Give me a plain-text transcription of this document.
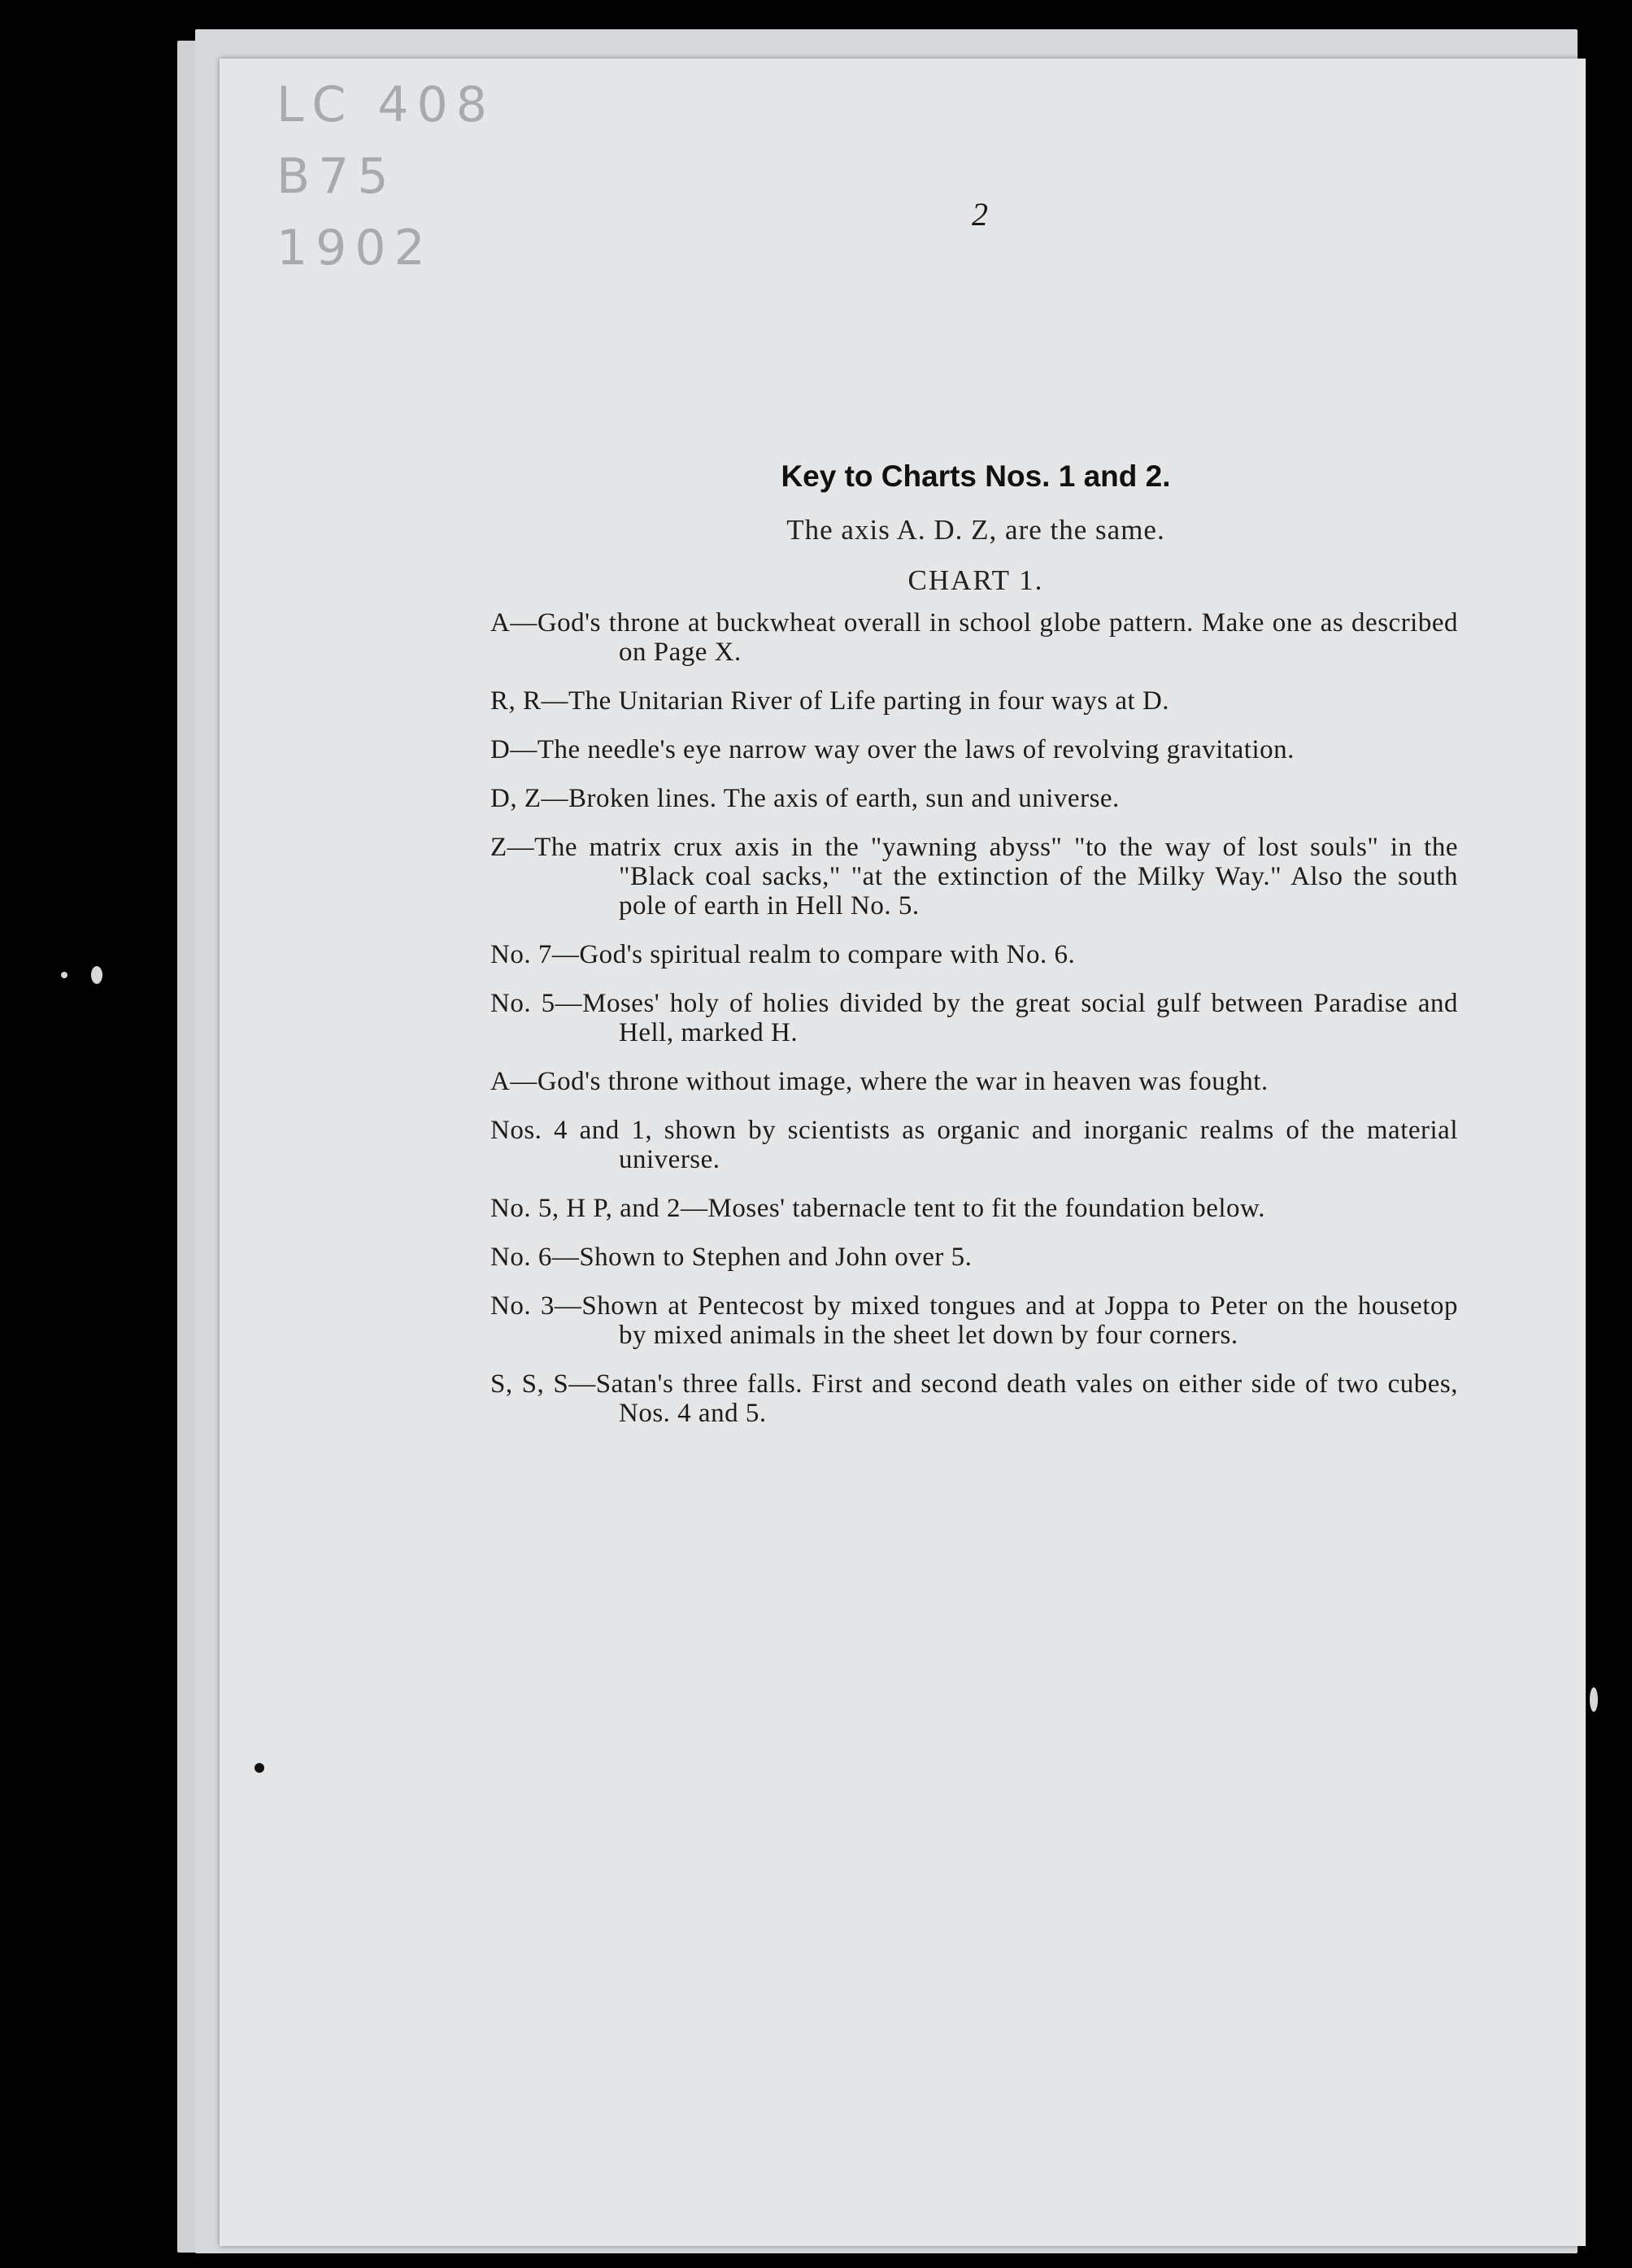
LC 408
B75
1902
2
Key to Charts Nos. 1 and 2.
The axis A. D. Z, are the same.
CHART 1.

A—God's throne at buckwheat overall in school globe pattern. Make one as described on Page X.

R, R—The Unitarian River of Life parting in four ways at D.

D—The needle's eye narrow way over the laws of revolving gravitation.

D, Z—Broken lines. The axis of earth, sun and universe.

Z—The matrix crux axis in the "yawning abyss" "to the way of lost souls" in the "Black coal sacks," "at the extinction of the Milky Way." Also the south pole of earth in Hell No. 5.

No. 7—God's spiritual realm to compare with No. 6.

No. 5—Moses' holy of holies divided by the great social gulf between Paradise and Hell, marked H.

A—God's throne without image, where the war in heaven was fought.

Nos. 4 and 1, shown by scientists as organic and inorganic realms of the material universe.

No. 5, H P, and 2—Moses' tabernacle tent to fit the foundation below.

No. 6—Shown to Stephen and John over 5.

No. 3—Shown at Pentecost by mixed tongues and at Joppa to Peter on the housetop by mixed animals in the sheet let down by four corners.

S, S, S—Satan's three falls. First and second death vales on either side of two cubes, Nos. 4 and 5.
